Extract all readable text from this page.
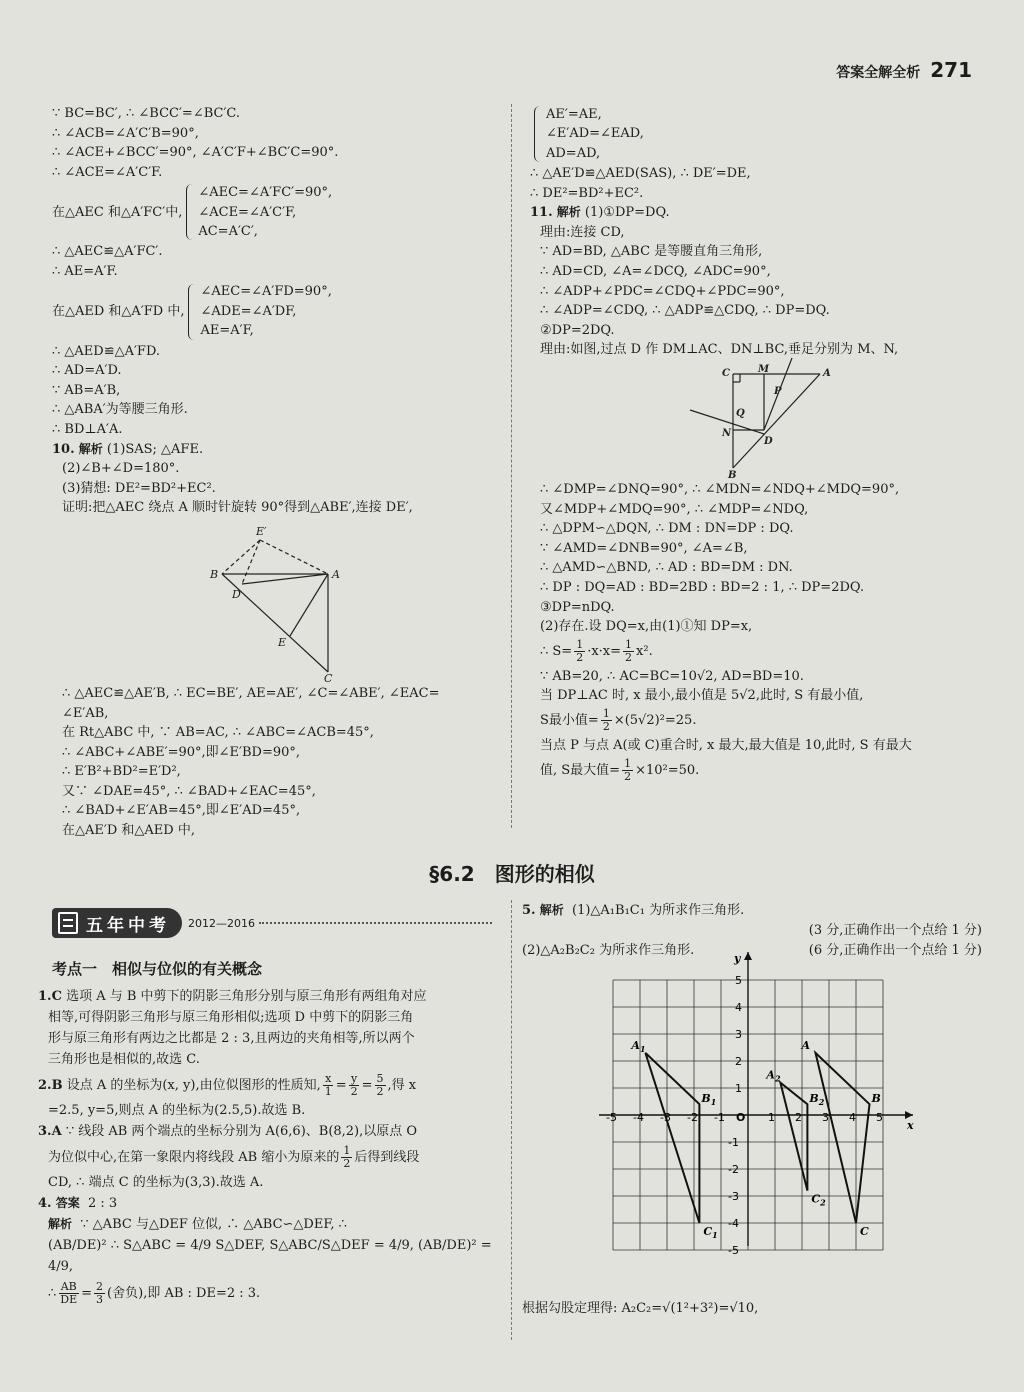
答案全解全析 271
∵ BC=BC′, ∴ ∠BCC′=∠BC′C.
∴ ∠ACB=∠A′C′B=90°,
∴ ∠ACE+∠BCC′=90°, ∠A′C′F+∠BC′C=90°.
∴ ∠ACE=∠A′C′F.
在△AEC 和△A′FC′中,
∠AEC=∠A′FC′=90°,
∠ACE=∠A′C′F,
AC=A′C′,
∴ △AEC≌△A′FC′.
∴ AE=A′F.
在△AED 和△A′FD 中,
∠AEC=∠A′FD=90°,
∠ADE=∠A′DF,
AE=A′F,
∴ △AED≌△A′FD.
∴ AD=A′D.
∵ AB=A′B,
∴ △ABA′为等腰三角形.
∴ BD⊥A′A.
10. 解析 (1)SAS; △AFE.
(2)∠B+∠D=180°.
(3)猜想: DE²=BD²+EC².
证明:把△AEC 绕点 A 顺时针旋转 90°得到△ABE′,连接 DE′,
E′
B	A
D
E
C
∴ △AEC≌△AE′B, ∴ EC=BE′, AE=AE′, ∠C=∠ABE′, ∠EAC=
∠E′AB,
在 Rt△ABC 中, ∵ AB=AC, ∴ ∠ABC=∠ACB=45°,
∴ ∠ABC+∠ABE′=90°,即∠E′BD=90°,
∴ E′B²+BD²=E′D²,
又∵ ∠DAE=45°, ∴ ∠BAD+∠EAC=45°,
∴ ∠BAD+∠E′AB=45°,即∠E′AD=45°,
在△AE′D 和△AED 中,
AE′=AE,
∠E′AD=∠EAD,
AD=AD,
∴ △AE′D≌△AED(SAS), ∴ DE′=DE,
∴ DE²=BD²+EC².
11. 解析 (1)①DP=DQ.
理由:连接 CD,
∵ AD=BD, △ABC 是等腰直角三角形,
∴ AD=CD, ∠A=∠DCQ, ∠ADC=90°,
∴ ∠ADP+∠PDC=∠CDQ+∠PDC=90°,
∴ ∠ADP=∠CDQ, ∴ △ADP≌△CDQ, ∴ DP=DQ.
②DP=2DQ.
理由:如图,过点 D 作 DM⊥AC、DN⊥BC,垂足分别为 M、N,
C	M	A
P
Q
N
D
B
∴ ∠DMP=∠DNQ=90°, ∴ ∠MDN=∠NDQ+∠MDQ=90°,
又∠MDP+∠MDQ=90°, ∴ ∠MDP=∠NDQ,
∴ △DPM∽△DQN, ∴ DM : DN=DP : DQ.
∵ ∠AMD=∠DNB=90°, ∠A=∠B,
∴ △AMD∽△BND, ∴ AD : BD=DM : DN.
∴ DP : DQ=AD : BD=2BD : BD=2 : 1, ∴ DP=2DQ.
③DP=nDQ.
(2)存在.设 DQ=x,由(1)①知 DP=x,
∴ $S= \frac{1}{2} \cdot x\cdot x= \frac{1}{2} x^2$.
∵ AB=20, ∴ AC=BC=10√2, AD=BD=10.
当 DP⊥AC 时, x 最小,最小值是 5√2,此时, S 有最小值,
S最小值= $\frac{1}{2} \times(5√2)^2=25$.
当点 P 与点 A(或 C)重合时, x 最大,最大值是 10,此时, S 有最大
值, S最大值= $\frac{1}{2} \times 10^2=50$.
§6.2　图形的相似
五年中考 2012—2016
考点一　相似与位似的有关概念
1.C 选项 A 与 B 中剪下的阴影三角形分别与原三角形有两组角对应
相等,可得阴影三角形与原三角形相似;选项 D 中剪下的阴影三角
形与原三角形有两边之比都是 2 : 3,且两边的夹角相等,所以两个
三角形也是相似的,故选 C.
2.B
设点 A 的坐标为(x, y),由位似图形的性质知, $\frac{x}{1} = \frac{y}{2} = \frac{5}{2}$ ,得 x
=2.5, y=5,则点 A 的坐标为(2.5,5).故选 B.
3.A ∵ 线段 AB 两个端点的坐标分别为 A(6,6)、B(8,2),以原点 O
为位似中心,在第一象限内将线段 AB 缩小为原来的 $\frac{1}{2}$ 后得到线段
CD, ∴ 端点 C 的坐标为(3,3).故选 A.
4. 答案 2 : 3
解析 ∵ △ABC 与△DEF 位似, ∴ △ABC∽△DEF, ∴
(AB/DE)² ∴ S△ABC = 4/9 S△DEF, S△ABC/S△DEF = 4/9, (AB/DE)² = 4/9,
∴ $\frac{AB}{DE} = \frac{2}{3}$ (舍负),即 AB : DE=2 : 3.
5. 解析 (1)△A₁B₁C₁ 为所求作三角形.
(3 分,正确作出一个点给 1 分)
(2)△A₂B₂C₂ 为所求作三角形.	(6 分,正确作出一个点给 1 分)
x
y
-5 -4 -3 -2 -1 O 1 2 3 4 5
5
4
3
2
1
-1
-2
-3
-4
-5
A
B
C
$A_1$
$B_1$
$C_1$
$A_2$
$B_2$
$C_2$
根据勾股定理得: A₂C₂=√(1²+3²)=√10,
